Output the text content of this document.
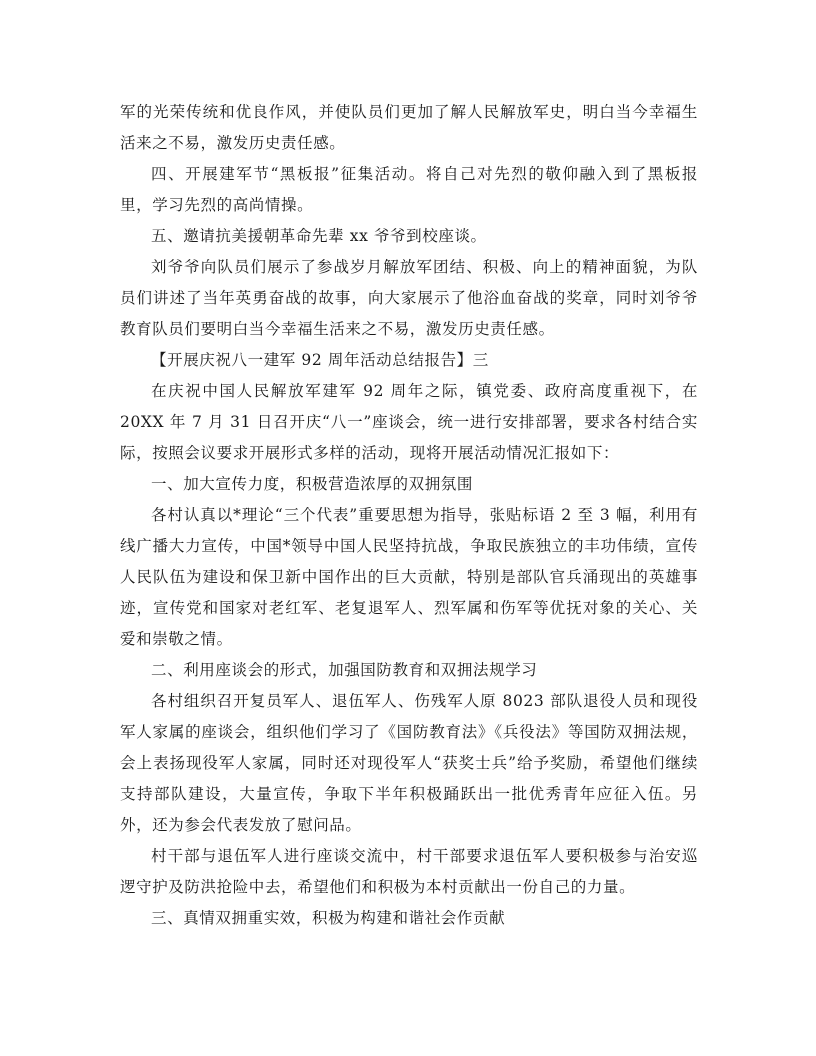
军的光荣传统和优良作风，并使队员们更加了解人民解放军史，明白当今幸福生活来之不易，激发历史责任感。

四、开展建军节“黑板报”征集活动。将自己对先烈的敬仰融入到了黑板报里，学习先烈的高尚情操。

五、邀请抗美援朝革命先辈 xx 爷爷到校座谈。

刘爷爷向队员们展示了参战岁月解放军团结、积极、向上的精神面貌，为队员们讲述了当年英勇奋战的故事，向大家展示了他浴血奋战的奖章，同时刘爷爷教育队员们要明白当今幸福生活来之不易，激发历史责任感。

【开展庆祝八一建军 92 周年活动总结报告】三

在庆祝中国人民解放军建军 92 周年之际，镇党委、政府高度重视下，在 20XX 年 7 月 31 日召开庆“八一”座谈会，统一进行安排部署，要求各村结合实际，按照会议要求开展形式多样的活动，现将开展活动情况汇报如下：

一、加大宣传力度，积极营造浓厚的双拥氛围

各村认真以*理论“三个代表”重要思想为指导，张贴标语 2 至 3 幅，利用有线广播大力宣传，中国*领导中国人民坚持抗战，争取民族独立的丰功伟绩，宣传人民队伍为建设和保卫新中国作出的巨大贡献，特别是部队官兵涌现出的英雄事迹，宣传党和国家对老红军、老复退军人、烈军属和伤军等优抚对象的关心、关爱和崇敬之情。

二、利用座谈会的形式，加强国防教育和双拥法规学习

各村组织召开复员军人、退伍军人、伤残军人原 8023 部队退役人员和现役军人家属的座谈会，组织他们学习了《国防教育法》《兵役法》等国防双拥法规，会上表扬现役军人家属，同时还对现役军人“获奖士兵”给予奖励，希望他们继续支持部队建设，大量宣传，争取下半年积极踊跃出一批优秀青年应征入伍。另外，还为参会代表发放了慰问品。

村干部与退伍军人进行座谈交流中，村干部要求退伍军人要积极参与治安巡逻守护及防洪抢险中去，希望他们和积极为本村贡献出一份自己的力量。

三、真情双拥重实效，积极为构建和谐社会作贡献
